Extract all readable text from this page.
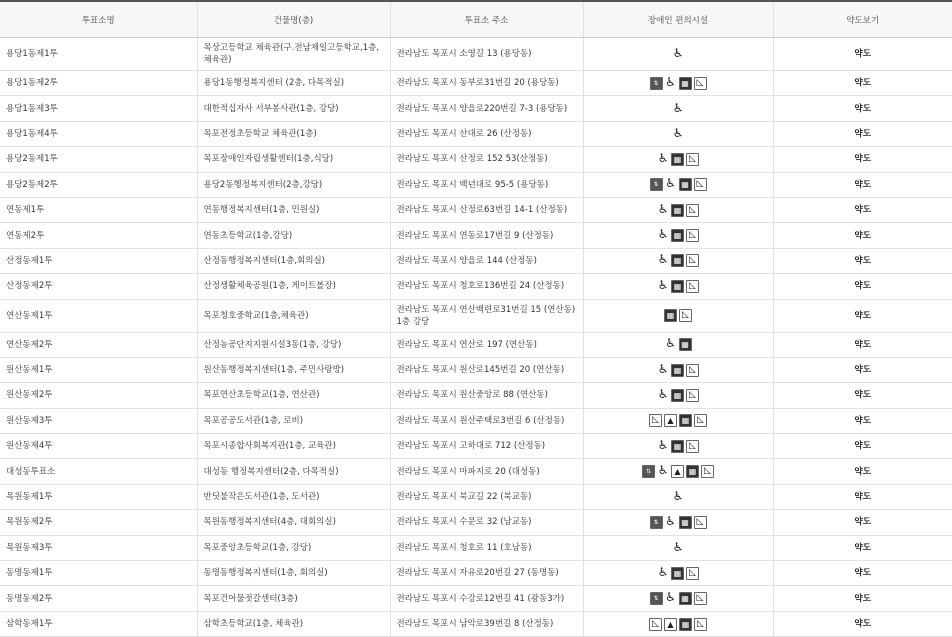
투표소명	건물명(층)	투표소 주소	장애인 편의시설	약도보기
용당1동제1투	목상고등학교 체육관(구.전남제일고등학교,1층, 체육관)	전라남도 목포시 소영길 13 (용당동)	♿	약도
용당1동제2투	용당1동행정복지센터 (2층, 다목적실)	전라남도 목포시 동부로31번길 20 (용당동)	⇅ ♿ ▦ ◺	약도
용당1동제3투	대한적십자사 서부봉사관(1층, 강당)	전라남도 목포시 양을로220번길 7-3 (용당동)	♿	약도
용당1동제4투	목포전정초등학교 체육관(1층)	전라남도 목포시 산대로 26 (산정동)	♿	약도
용당2동제1투	목포장애인자립생활센터(1층,식당)	전라남도 목포시 산정로 152 53(산정동)	♿ ▦ ◺	약도
용당2동제2투	용당2동행정복지센터(2층,강당)	전라남도 목포시 백년대로 95-5 (용당동)	⇅ ♿ ▦ ◺	약도
연동제1투	연동행정복지센터(1층, 민원실)	전라남도 목포시 산정로63번길 14-1 (산정동)	♿ ▦ ◺	약도
연동제2투	연동초등학교(1층,강당)	전라남도 목포시 연동로17번길 9 (산정동)	♿ ▦ ◺	약도
산정동제1투	산정동행정복지센터(1층,회의실)	전라남도 목포시 양을로 144 (산정동)	♿ ▦ ◺	약도
산정동제2투	산정생활체육공원(1층, 게이트볼장)	전라남도 목포시 청호로136번길 24 (산정동)	♿ ▦ ◺	약도
연산동제1투	목포청호중학교(1층,체육관)	전라남도 목포시 연산백련로31번길 15 (연산동) 1층 강당	▦ ◺	약도
연산동제2투	산정농공단지지원시설3동(1층, 강당)	전라남도 목포시 연산로 197 (연산동)	♿ ▦	약도
원산동제1투	원산동행정복지센터(1층, 주민사랑방)	전라남도 목포시 원산로145번길 20 (연산동)	♿ ▦ ◺	약도
원산동제2투	목포연산초등학교(1층, 연산관)	전라남도 목포시 원산중앙로 88 (연산동)	♿ ▦ ◺	약도
원산동제3투	목포공공도서관(1층, 로비)	전라남도 목포시 원산주택로3번길 6 (산정동)	◺ ▲ ▦ ◺	약도
원산동제4투	목포시종합사회복지관(1층, 교육관)	전라남도 목포시 고하대로 712 (산정동)	♿ ▦ ◺	약도
대성동투표소	대성동 행정복지센터(2층, 다목적실)	전라남도 목포시 마파지로 20 (대성동)	⇅ ♿ ▲ ▦ ◺	약도
목원동제1투	반딧불작은도서관(1층, 도서관)	전라남도 목포시 북교길 22 (북교동)	♿	약도
목원동제2투	목원동행정복지센터(4층, 대회의실)	전라남도 목포시 수문로 32 (남교동)	⇅ ♿ ▦ ◺	약도
목원동제3투	목포중앙초등학교(1층, 강당)	전라남도 목포시 청호로 11 (호남동)	♿	약도
동명동제1투	동명동행정복지센터(1층, 회의실)	전라남도 목포시 자유로20번길 27 (동명동)	♿ ▦ ◺	약도
동명동제2투	목포건어물젓갈센터(3층)	전라남도 목포시 수강로12번길 41 (광동3가)	⇅ ♿ ▦ ◺	약도
삼학동제1투	삼학초등학교(1층, 체육관)	전라남도 목포시 남악로39번길 8 (산정동)	◺ ▲ ▦ ◺	약도
